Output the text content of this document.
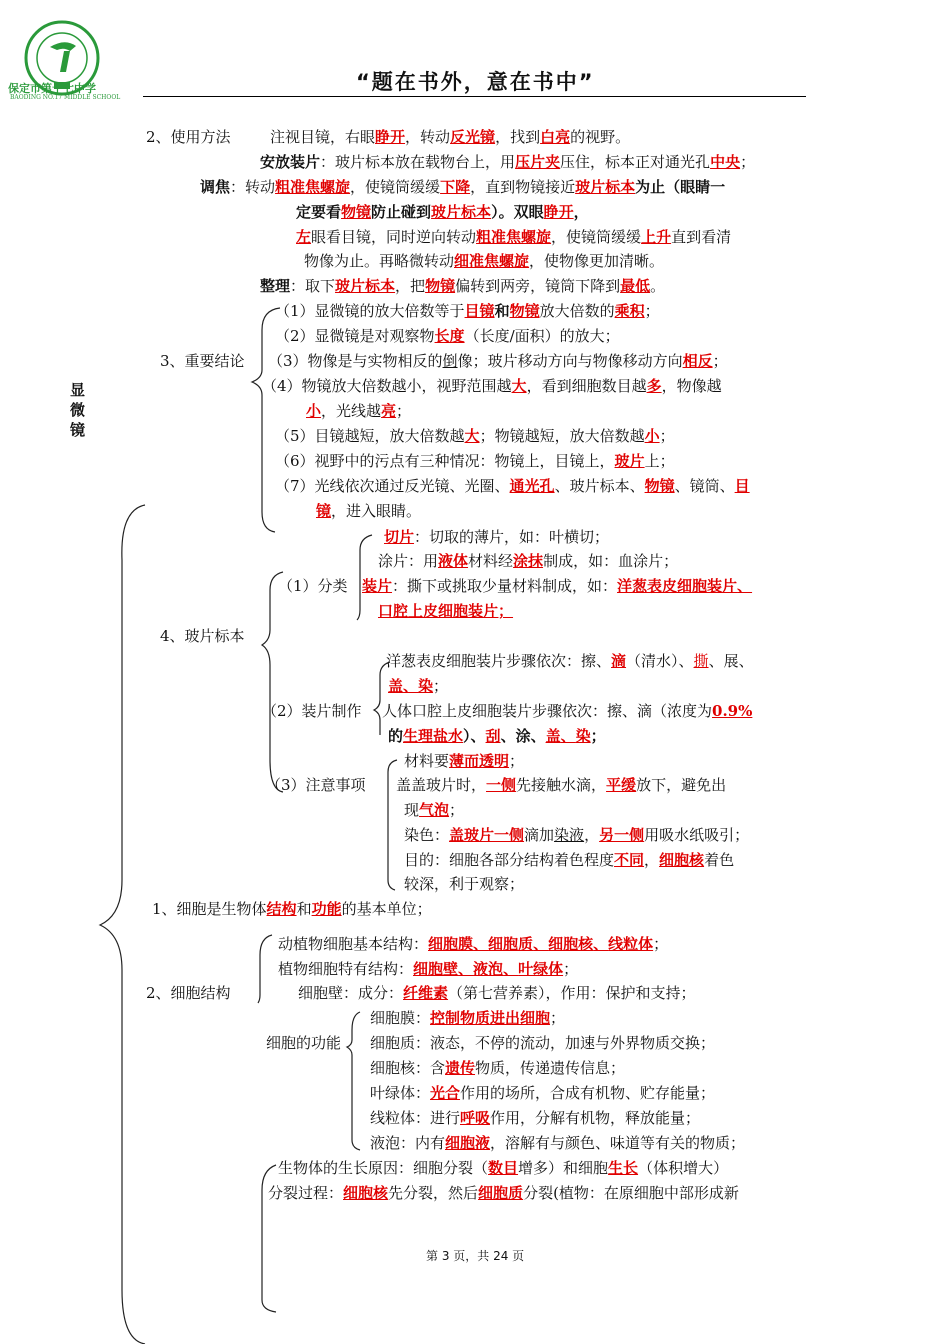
保定市第十七中学
BAODING NO.17 MIDDLE SCHOOL
“题在书外，意在书中”
显微镜
2、使用方法	注视目镜，右眼睁开，转动反光镜，找到白亮的视野。
安放装片：玻片标本放在载物台上，用压片夹压住，标本正对通光孔中央；
调焦：转动粗准焦螺旋，使镜筒缓缓下降，直到物镜接近玻片标本为止（眼睛一
定要看物镜防止碰到玻片标本）。双眼睁开，
左眼看目镜，同时逆向转动粗准焦螺旋，使镜筒缓缓上升直到看清
物像为止。再略微转动细准焦螺旋，使物像更加清晰。
整理：取下玻片标本，把物镜偏转到两旁，镜筒下降到最低。
3、重要结论
（1）显微镜的放大倍数等于目镜和物镜放大倍数的乘积；
（2）显微镜是对观察物长度（长度/面积）的放大；
（3）物像是与实物相反的倒像；玻片移动方向与物像移动方向相反；
（4）物镜放大倍数越小，视野范围越大，看到细胞数目越多，物像越
小，光线越亮；
（5）目镜越短，放大倍数越大；物镜越短，放大倍数越小；
（6）视野中的污点有三种情况：物镜上，目镜上，玻片上；
（7）光线依次通过反光镜、光圈、通光孔、玻片标本、物镜、镜筒、目
镜，进入眼睛。
4、玻片标本
（1）分类
切片：切取的薄片，如：叶横切；
涂片：用液体材料经涂抹制成，如：血涂片；
装片：撕下或挑取少量材料制成，如：洋葱表皮细胞装片、
口腔上皮细胞装片；
（2）装片制作
洋葱表皮细胞装片步骤依次：擦、滴（清水）、撕、展、
盖、染；
人体口腔上皮细胞装片步骤依次：擦、滴（浓度为0.9%
的生理盐水）、刮、涂、盖、染；
（3）注意事项
材料要薄而透明；
盖盖玻片时，一侧先接触水滴，平缓放下，避免出
现气泡；
染色：盖玻片一侧滴加染液，另一侧用吸水纸吸引；
目的：细胞各部分结构着色程度不同，细胞核着色
较深，利于观察；
1、细胞是生物体结构和功能的基本单位；
2、细胞结构
动植物细胞基本结构：细胞膜、细胞质、细胞核、线粒体；
植物细胞特有结构：细胞壁、液泡、叶绿体；
细胞壁：成分：纤维素（第七营养素），作用：保护和支持；
细胞的功能
细胞膜：控制物质进出细胞；
细胞质：液态，不停的流动，加速与外界物质交换；
细胞核：含遗传物质，传递遗传信息；
叶绿体：光合作用的场所，合成有机物、贮存能量；
线粒体：进行呼吸作用，分解有机物，释放能量；
液泡：内有细胞液，溶解有与颜色、味道等有关的物质；
生物体的生长原因：细胞分裂（数目增多）和细胞生长（体积增大）
分裂过程：细胞核先分裂，然后细胞质分裂(植物：在原细胞中部形成新
第 3 页，共 24 页
